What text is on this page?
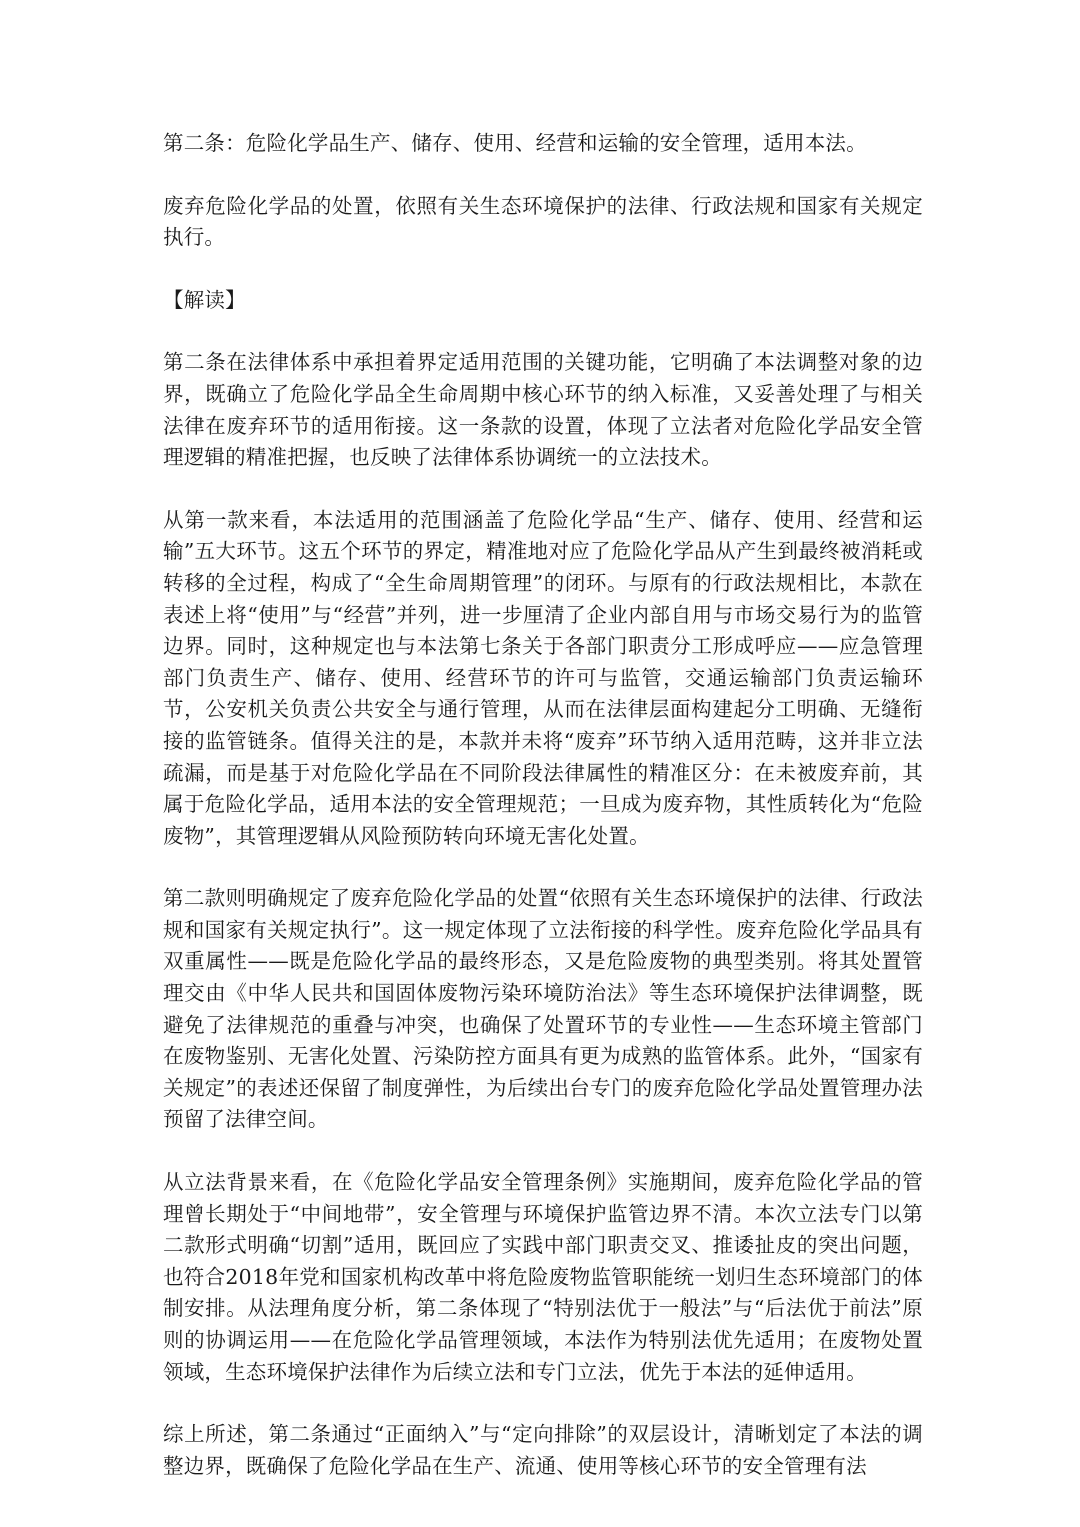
第二条：危险化学品生产、储存、使用、经营和运输的安全管理，适用本法。

废弃危险化学品的处置，依照有关生态环境保护的法律、行政法规和国家有关规定执行。

【解读】

第二条在法律体系中承担着界定适用范围的关键功能，它明确了本法调整对象的边界，既确立了危险化学品全生命周期中核心环节的纳入标准，又妥善处理了与相关法律在废弃环节的适用衔接。这一条款的设置，体现了立法者对危险化学品安全管理逻辑的精准把握，也反映了法律体系协调统一的立法技术。

从第一款来看，本法适用的范围涵盖了危险化学品“生产、储存、使用、经营和运输”五大环节。这五个环节的界定，精准地对应了危险化学品从产生到最终被消耗或转移的全过程，构成了“全生命周期管理”的闭环。与原有的行政法规相比，本款在表述上将“使用”与“经营”并列，进一步厘清了企业内部自用与市场交易行为的监管边界。同时，这种规定也与本法第七条关于各部门职责分工形成呼应——应急管理部门负责生产、储存、使用、经营环节的许可与监管，交通运输部门负责运输环节，公安机关负责公共安全与通行管理，从而在法律层面构建起分工明确、无缝衔接的监管链条。值得关注的是，本款并未将“废弃”环节纳入适用范畴，这并非立法疏漏，而是基于对危险化学品在不同阶段法律属性的精准区分：在未被废弃前，其属于危险化学品，适用本法的安全管理规范；一旦成为废弃物，其性质转化为“危险废物”，其管理逻辑从风险预防转向环境无害化处置。

第二款则明确规定了废弃危险化学品的处置“依照有关生态环境保护的法律、行政法规和国家有关规定执行”。这一规定体现了立法衔接的科学性。废弃危险化学品具有双重属性——既是危险化学品的最终形态，又是危险废物的典型类别。将其处置管理交由《中华人民共和国固体废物污染环境防治法》等生态环境保护法律调整，既避免了法律规范的重叠与冲突，也确保了处置环节的专业性——生态环境主管部门在废物鉴别、无害化处置、污染防控方面具有更为成熟的监管体系。此外，“国家有关规定”的表述还保留了制度弹性，为后续出台专门的废弃危险化学品处置管理办法预留了法律空间。

从立法背景来看，在《危险化学品安全管理条例》实施期间，废弃危险化学品的管理曾长期处于“中间地带”，安全管理与环境保护监管边界不清。本次立法专门以第二款形式明确“切割”适用，既回应了实践中部门职责交叉、推诿扯皮的突出问题，也符合2018年党和国家机构改革中将危险废物监管职能统一划归生态环境部门的体制安排。从法理角度分析，第二条体现了“特别法优于一般法”与“后法优于前法”原则的协调运用——在危险化学品管理领域，本法作为特别法优先适用；在废物处置领域，生态环境保护法律作为后续立法和专门立法，优先于本法的延伸适用。

综上所述，第二条通过“正面纳入”与“定向排除”的双层设计，清晰划定了本法的调整边界，既确保了危险化学品在生产、流通、使用等核心环节的安全管理有法
